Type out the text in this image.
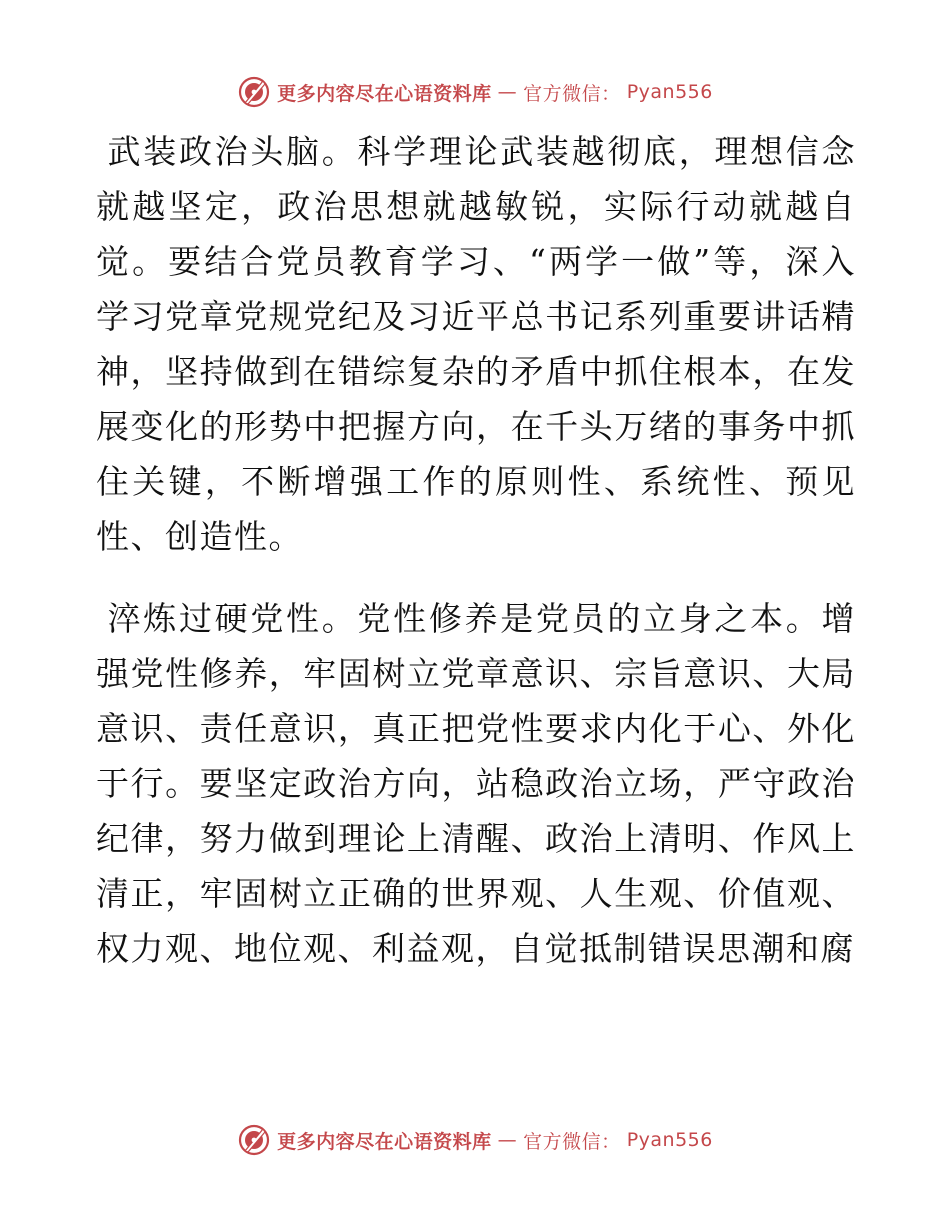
更多内容尽在心语资料库 — 官方微信： Pyan556

武装政治头脑。科学理论武装越彻底，理想信念就越坚定，政治思想就越敏锐，实际行动就越自觉。要结合党员教育学习、“两学一做”等，深入学习党章党规党纪及习近平总书记系列重要讲话精神，坚持做到在错综复杂的矛盾中抓住根本，在发展变化的形势中把握方向，在千头万绪的事务中抓住关键，不断增强工作的原则性、系统性、预见性、创造性。

淬炼过硬党性。党性修养是党员的立身之本。增强党性修养，牢固树立党章意识、宗旨意识、大局意识、责任意识，真正把党性要求内化于心、外化于行。要坚定政治方向，站稳政治立场，严守政治纪律，努力做到理论上清醒、政治上清明、作风上清正，牢固树立正确的世界观、人生观、价值观、权力观、地位观、利益观，自觉抵制错误思潮和腐

更多内容尽在心语资料库 — 官方微信： Pyan556
